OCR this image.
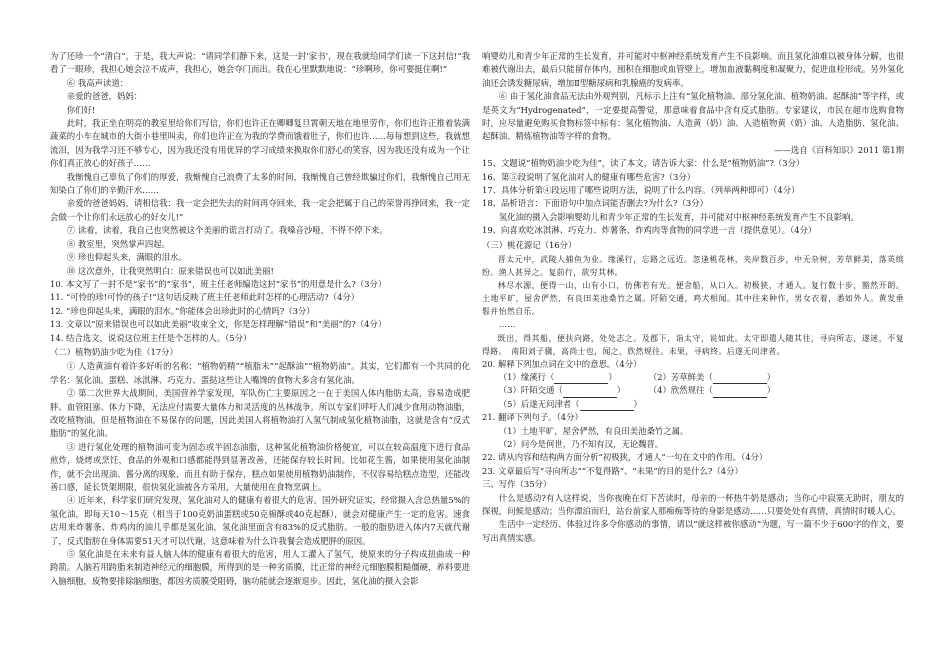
为了还珍一个“清白”，于是，我大声说：“请同学们静下来，这是一封‘家书’，现在我就给同学们读一下这封信!”我看了一眼珍，我担心她会泣不成声，我担心，她会夺门而出。我在心里默默地说：“珍啊珍，你可要挺住啊!”

⑥ 我高声读道：

亲爱的爸爸，妈妈：

你们好!

此时，我正坐在明亮的教室里给你们写信，你们也许正在卿卿复旦霄朝天地在地里劳作，你们也许正推着装满蔬菜的小车在城市的大街小巷里叫卖，你们也许正在为我的学费而饿着肚子，你们也许……每每想到这些，我就想流泪，因为我学习还不够专心，因为我还没有用优异的学习成绩来换取你们舒心的笑容，因为我还没有成为一个让你们真正放心的好孩子……

我惭愧自己辜负了你们的厚爱，我惭愧自己浪费了太多的时间，我惭愧自己曾经欺骗过你们，我惭愧自己用无知染白了你们的辛勤汗水……

亲爱的爸爸妈妈，请相信我：我一定会把失去的时间再夺回来，我一定会把属于自己的荣誉再挣回来，我一定会做一个让你们永远放心的好女儿!”

⑦ 读着，读着，我自己也突然被这个美丽的谎言打动了。我嗓音沙哑，不得不停下来。

⑧ 教室里，突然掌声四起。

⑨ 珍也仰起头来，满眼的泪水。

⑩ 这次意外，让我突然明白：原来错误也可以如此美丽!

10. 本文写了一封不是“家书”的“家书”，班主任老师编造这封“家书”的用意是什么?（3分）

11. “可怜的珍!可怜的孩子!”这句话反映了班主任老师此时怎样的心理活动?（4分）

12. “珍也仰起头来，满眼的泪水。”你能体会出珍此时的心情吗?（3分）

13. 文章以“原来错误也可以如此美丽”收束全文，你是怎样理解“错误”和“美丽”的?（4分）

14. 结合选文，说说这位班主任是个怎样的人。（5分）

（二）植物奶油少吃为佳（17分）

① 人造黄油有着许多好听的名称：“植物奶精”“植脂末”“起酥油”“植物奶油”。其实，它们都有一个共同的化学名：氢化油。蛋糕、冰淇淋、巧克力、蛋挞这些让人嘴馋的食物大多含有氢化油。

② 第二次世界大战期间，美国营养学家发现，军队伤亡主要原因之一在于美国人体内脂肪太高，容易造成肥胖、血管阻塞、体力下降，无法应付需要大量体力和灵活度的丛林战争。所以专家们呼吁人们减少食用动物油脂，改吃植物油。但是植物油在不易保存的问题，因此美国人将植物油打入氢气制成氢化植物油脂，这就是含有“反式脂肪”的氢化油。

③ 进行氢化处理的植物油可变为固态或半固态油脂，这种氢化植物油价格便宜，可以在较高温度下进行食品煎炸，烧烤或烹饪，食品的外观和口感都能得到显著改善，还能保存较长时间。比如花生酱，如果使用氢化油制作，就不会出现油、酱分离的现象，而且有助于保存，糕点如果使用植物奶油制作，不仅容易给糕点造型，还能改善口感，延长货架期限，很快氢化油被各方采用，大量使用在食物烹调上。

④ 近年来，科学家们研究发现，氢化油对人的健康有着很大的危害。国外研究证实，经常摄入含总热量5%的氢化油，即每天10～15克（相当于100克奶油蛋糕或50克棉酥或40克起酥），就会对健康产生一定的危害。速食店用来炸薯条、炸鸡肉的油几乎都是氢化油，氢化油里面含有83%的反式脂肪。一般的脂肪进入体内7天就代谢了，反式脂肪在身体需要51天才可以代谢，这意味着为什么许我餐会造成肥胖的原因。

⑤ 氢化油是在未来有益人脑人体的健康有着很大的危害，用人工灌入了氢气，使原来的分子构成扭曲成一种跨箭。人脑若用跨脂来制造神经元的细胞膜，所得到的是一种劣质膜，比正常的神经元细胞膜粗糙僵硬，养料要进入脑细胞，废物要排除脑细胞，都因劣质膜受阻碍，脑功能就会逐渐退步。因此，氢化油的摄入会影

响婴幼儿和青少年正常的生长发育，并可能对中枢神经系统发育产生不良影响。而且氢化油难以被身体分解，也很难被代谢出去，最后只能留存体内，囤积在细胞或血管壁上，增加血液黏稠度和凝聚力，促进血栓形成。另外氢化油还会诱发糖尿病，增加Ⅱ型糖尿病和乳腺癌的发病率。

⑥ 由于氢化油食品无法由外观判别，凡标示上注有“氢化植物油、部分氢化油、植物奶油、起酥油”等字样，或是英文为“Hydrogenated”，一定要提高警觉，那意味着食品中含有反式脂肪。专家建议，市民在超市选购食物时，应尽量避免购买食物标签中标有：氢化植物油、人造黄（奶）油、人造植物黄（奶）油、人造脂肪、氢化油、起酥油、精炼植物油等字样的食物。

——选自《百科知识》2011 第1期

15、文题说“植物奶油少吃为佳”，读了本文，请告诉大家：什么是“植物奶油”?（3分）

16、第⑤段说明了氢化油对人的健康有哪些危害?（3分）

17、具体分析第④段运用了哪些说明方法，说明了什么内容。（列举两种即可）（4分）

18、品析语言：下面语句中加点词能否删去?为什么?（3分）

氢化油的摄入会影响婴幼儿和青少年正常的生长发育，并可能对中枢神经系统发育产生不良影响。

19、向喜欢吃冰淇淋、巧克力、炸薯条、炸鸡肉等食物的同学进一言（提供意见）。（4分）

（三）桃花源记（16分）

晋太元中，武陵人捕鱼为业。缘溪行，忘路之远近。忽逢桃花林，夹岸数百步，中无杂树，芳草鲜美，落英缤纷。渔人甚异之。复前行，欲穷其林。

林尽水源，便得一山，山有小口，仿佛若有光。便舍船，从口入。初极狭，才通人。复行数十步，豁然开朗。土地平旷，屋舍俨然，有良田美池桑竹之属。阡陌交通，鸡犬相闻。其中往来种作，男女衣着，悉如外人。黄发垂髫并怡然自乐。

……

既出，得其船，便扶向路，处处志之。及郡下，诣太守，说如此。太守即遣人随其往，寻向所志，遂迷，不复得路。　南阳刘子骥，高尚士也，闻之，欣然规往。未果，寻病终。后遂无问津者。

20. 解释下列加点词在文中的意思。（4分）

（1）缘溪行（	）	（2）芳草鲜美（	）
（3）阡陌交通（	）	（4）欣然规往（	）
（5）后遂无问津者（	）

21. 翻译下列句子。（4分）

（1）土地平旷，屋舍俨然，有良田美池桑竹之属。

（2）问今是何世，乃不知有汉，无论魏晋。

22. 请从内容和结构两方面分析“初极狭，才通人”一句在文中的作用。（4分）

23. 文章最后写“寻向所志”“不复得路”、“未果”的目的是什么?（4分）

三、写作（35分）

什么是感动?有人这样说，当你夜晚在灯下苦读时，母亲的一杯热牛奶是感动；当你心中寂寞无助时，朋友的探视，问候是感动；当你漂泊而归，站台前家人那痴痴等待的身影是感动……只要处处有真情，真情时时暖人心。

生活中一定经历、体验过许多令你感动的事情，请以“就这样被你感动”为题，写一篇不少于600字的作文，要写出真情实感。
